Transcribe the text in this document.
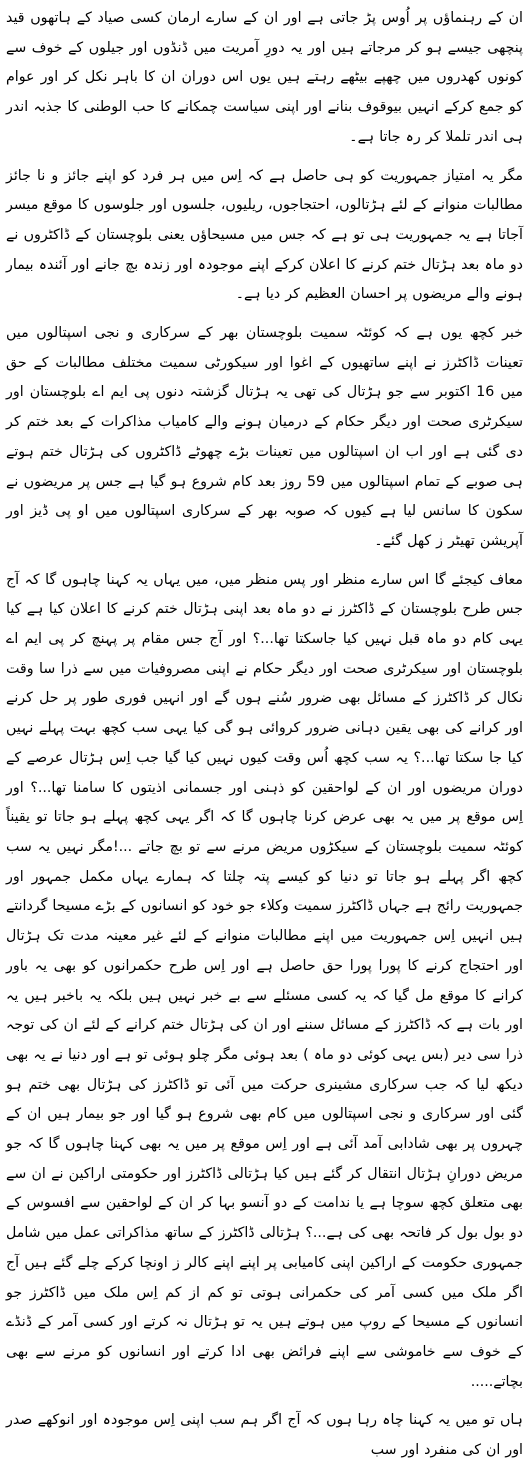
ان کے رہنماؤں پر اُوس پڑ جاتی ہے اور ان کے سارے ارمان کسی صیاد کے ہاتھوں قید پنچھی جیسے ہو کر مرجاتے ہیں اور یہ دورِ آمریت میں ڈنڈوں اور جیلوں کے خوف سے کونوں کھدروں میں چھپے بیٹھے رہتے ہیں یوں اس دوران ان کا باہر نکل کر اور عوام کو جمع کرکے انہیں بیوقوف بنانے اور اپنی سیاست چمکانے کا حب الوطنی کا جذبہ اندر ہی اندر تلملا کر رہ جاتا ہے۔

مگر یہ امتیاز جمہوریت کو ہی حاصل ہے کہ اِس میں ہر فرد کو اپنے جائز و نا جائز مطالبات منوانے کے لئے ہڑتالوں، احتجاجوں، ریلیوں، جلسوں اور جلوسوں کا موقع میسر آجاتا ہے یہ جمہوریت ہی تو ہے کہ جس میں مسیحاؤں یعنی بلوچستان کے ڈاکٹروں نے دو ماہ بعد ہڑتال ختم کرنے کا اعلان کرکے اپنے موجودہ اور زندہ بچ جانے اور آئندہ بیمار ہونے والے مریضوں پر احسان العظیم کر دیا ہے۔

خبر کچھ یوں ہے کہ کوئٹہ سمیت بلوچستان بھر کے سرکاری و نجی اسپتالوں میں تعینات ڈاکٹرز نے اپنے ساتھیوں کے اغوا اور سیکورٹی سمیت مختلف مطالبات کے حق میں 16 اکتوبر سے جو ہڑتال کی تھی یہ ہڑتال گزشتہ دنوں پی ایم اے بلوچستان اور سیکرٹری صحت اور دیگر حکام کے درمیان ہونے والے کامیاب مذاکرات کے بعد ختم کر دی گئی ہے اور اب ان اسپتالوں میں تعینات بڑے چھوٹے ڈاکٹروں کی ہڑتال ختم ہوتے ہی صوبے کے تمام اسپتالوں میں 59 روز بعد کام شروع ہو گیا ہے جس پر مریضوں نے سکون کا سانس لیا ہے کیوں کہ صوبہ بھر کے سرکاری اسپتالوں میں او پی ڈیز اور آپریشن تھیٹر ز کھل گئے۔

معاف کیجئے گا اس سارے منظر اور پس منظر میں، میں یہاں یہ کہنا چاہوں گا کہ آج جس طرح بلوچستان کے ڈاکٹرز نے دو ماہ بعد اپنی ہڑتال ختم کرنے کا اعلان کیا ہے کیا یہی کام دو ماہ قبل نہیں کیا جاسکتا تھا...؟ اور آج جس مقام پر پہنچ کر پی ایم اے بلوچستان اور سیکرٹری صحت اور دیگر حکام نے اپنی مصروفیات میں سے ذرا سا وقت نکال کر ڈاکٹرز کے مسائل بھی ضرور سُنے ہوں گے اور انہیں فوری طور پر حل کرنے اور کرانے کی بھی یقین دہانی ضرور کروائی ہو گی کیا یہی سب کچھ بہت پہلے نہیں کیا جا سکتا تھا...؟ یہ سب کچھ اُس وقت کیوں نہیں کیا گیا جب اِس ہڑتال عرصے کے دوران مریضوں اور ان کے لواحقین کو ذہنی اور جسمانی اذیتوں کا سامنا تھا...؟ اور اِس موقع پر میں یہ بھی عرض کرنا چاہوں گا کہ اگر یہی کچھ پہلے ہو جاتا تو یقیناً کوئٹہ سمیت بلوچستان کے سیکڑوں مریض مرنے سے تو بچ جاتے ...!مگر نہیں یہ سب کچھ اگر پہلے ہو جاتا تو دنیا کو کیسے پتہ چلتا کہ ہمارے یہاں مکمل جمہور اور جمہوریت رائج ہے جہاں ڈاکٹرز سمیت وکلاء جو خود کو انسانوں کے بڑے مسیحا گردانتے ہیں انہیں اِس جمہوریت میں اپنے مطالبات منوانے کے لئے غیر معینہ مدت تک ہڑتال اور احتجاج کرنے کا پورا پورا حق حاصل ہے اور اِس طرح حکمرانوں کو بھی یہ باور کرانے کا موقع مل گیا کہ یہ کسی مسئلے سے بے خبر نہیں ہیں بلکہ یہ باخبر ہیں یہ اور بات ہے کہ ڈاکٹرز کے مسائل سننے اور ان کی ہڑتال ختم کرانے کے لئے ان کی توجہ ذرا سی دیر (بس یہی کوئی دو ماہ ) بعد ہوئی مگر چلو ہوئی تو ہے اور دنیا نے یہ بھی دیکھ لیا کہ جب سرکاری مشینری حرکت میں آئی تو ڈاکٹرز کی ہڑتال بھی ختم ہو گئی اور سرکاری و نجی اسپتالوں میں کام بھی شروع ہو گیا اور جو بیمار ہیں ان کے چہروں پر بھی شادابی آمد آئی ہے اور اِس موقع پر میں یہ بھی کہنا چاہوں گا کہ جو مریض دورانِ ہڑتال انتقال کر گئے ہیں کیا ہڑتالی ڈاکٹرز اور حکومتی اراکین نے ان سے بھی متعلق کچھ سوچا ہے یا ندامت کے دو آنسو بہا کر ان کے لواحقین سے افسوس کے دو بول بول کر فاتحہ بھی کی ہے...؟ ہڑتالی ڈاکٹرز کے ساتھ مذاکراتی عمل میں شامل جمہوری حکومت کے اراکین اپنی کامیابی پر اپنے اپنے کالر ز اونچا کرکے چلے گئے ہیں آج اگر ملک میں کسی آمر کی حکمرانی ہوتی تو کم از کم اِس ملک میں ڈاکٹرز جو انسانوں کے مسیحا کے روپ میں ہوتے ہیں یہ تو ہڑتال نہ کرتے اور کسی آمر کے ڈنڈے کے خوف سے خاموشی سے اپنے فرائض بھی ادا کرتے اور انسانوں کو مرنے سے بھی بچاتے.....

ہاں تو میں یہ کہنا چاہ رہا ہوں کہ آج اگر ہم سب اپنی اِس موجودہ اور انوکھے صدر اور ان کی منفرد اور سب
